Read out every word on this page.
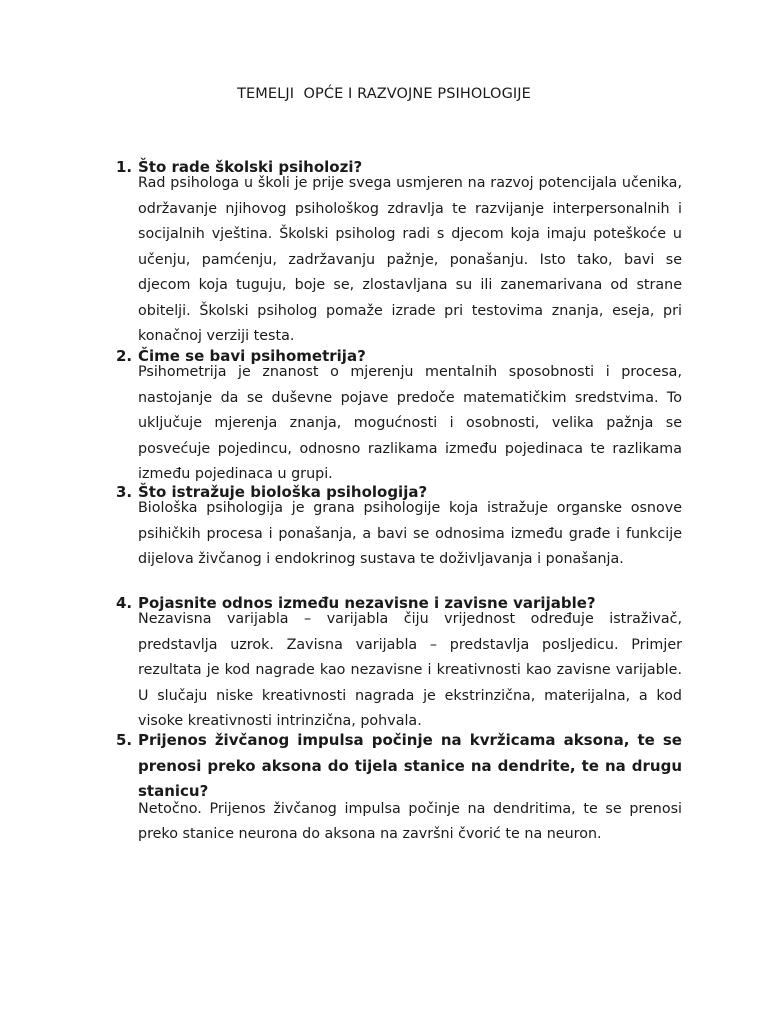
TEMELJI  OPĆE I RAZVOJNE PSIHOLOGIJE
1. Što rade školski psiholozi?
Rad psihologa u školi je prije svega usmjeren na razvoj potencijala učenika, održavanje njihovog psihološkog zdravlja te razvijanje interpersonalnih i socijalnih vještina. Školski psiholog radi s djecom koja imaju poteškoće u učenju, pamćenju, zadržavanju pažnje, ponašanju. Isto tako, bavi se djecom koja tuguju, boje se, zlostavljana su ili zanemarivana od strane obitelji. Školski psiholog pomaže izrade pri testovima znanja, eseja, pri konačnoj verziji testa.
2. Čime se bavi psihometrija?
Psihometrija je znanost o mjerenju mentalnih sposobnosti i procesa, nastojanje da se duševne pojave predoče matematičkim sredstvima. To uključuje mjerenja znanja, mogućnosti i osobnosti, velika pažnja se posvećuje pojedincu, odnosno razlikama između pojedinaca te razlikama između pojedinaca u grupi.
3. Što istražuje biološka psihologija?
Biološka psihologija je grana psihologije koja istražuje organske osnove psihičkih procesa i ponašanja, a bavi se odnosima između građe i funkcije dijelova živčanog i endokrinog sustava te doživljavanja i ponašanja.
4. Pojasnite odnos između nezavisne i zavisne varijable?
Nezavisna varijabla – varijabla čiju vrijednost određuje istraživač, predstavlja uzrok. Zavisna varijabla – predstavlja posljedicu. Primjer rezultata je kod nagrade kao nezavisne i kreativnosti kao zavisne varijable. U slučaju niske kreativnosti nagrada je ekstrinzična, materijalna, a kod visoke kreativnosti intrinzična, pohvala.
5. Prijenos živčanog impulsa počinje na kvržicama aksona, te se prenosi preko aksona do tijela stanice na dendrite, te na drugu stanicu?
Netočno. Prijenos živčanog impulsa počinje na dendritima, te se prenosi preko stanice neurona do aksona na završni čvorić te na neuron.
